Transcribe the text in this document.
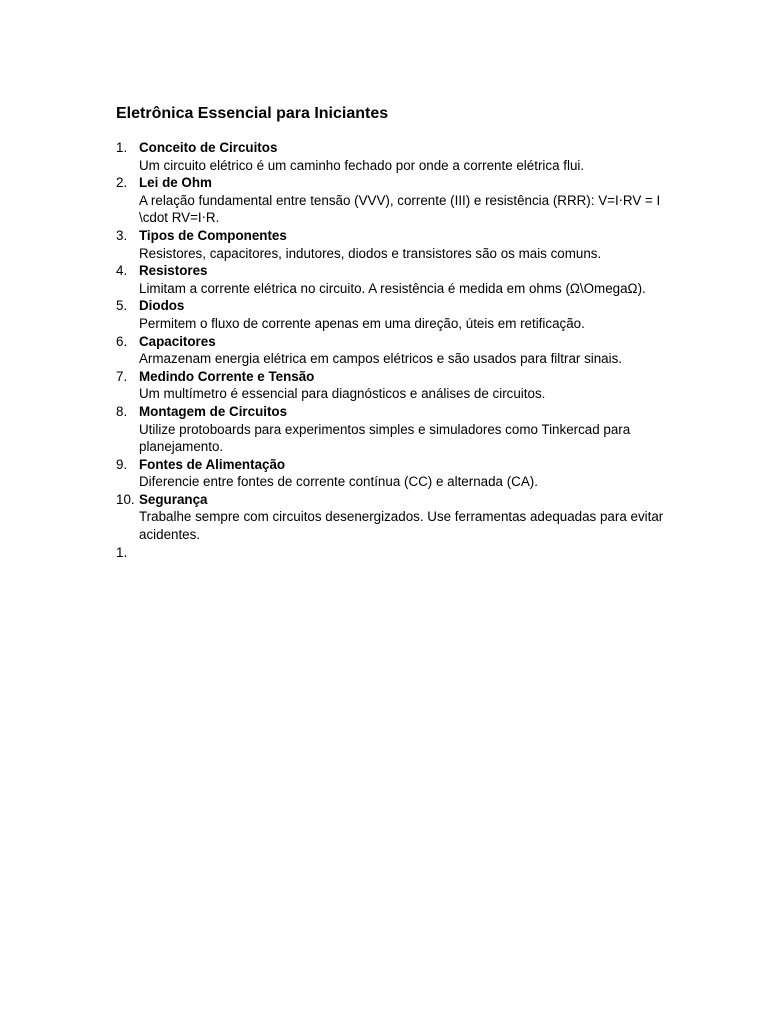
Eletrônica Essencial para Iniciantes
1. Conceito de Circuitos
Um circuito elétrico é um caminho fechado por onde a corrente elétrica flui.
2. Lei de Ohm
A relação fundamental entre tensão (VVV), corrente (III) e resistência (RRR): V=I⋅RV = I \cdot RV=I⋅R.
3. Tipos de Componentes
Resistores, capacitores, indutores, diodos e transistores são os mais comuns.
4. Resistores
Limitam a corrente elétrica no circuito. A resistência é medida em ohms (Ω\OmegaΩ).
5. Diodos
Permitem o fluxo de corrente apenas em uma direção, úteis em retificação.
6. Capacitores
Armazenam energia elétrica em campos elétricos e são usados para filtrar sinais.
7. Medindo Corrente e Tensão
Um multímetro é essencial para diagnósticos e análises de circuitos.
8. Montagem de Circuitos
Utilize protoboards para experimentos simples e simuladores como Tinkercad para planejamento.
9. Fontes de Alimentação
Diferencie entre fontes de corrente contínua (CC) e alternada (CA).
10. Segurança
Trabalhe sempre com circuitos desenergizados. Use ferramentas adequadas para evitar acidentes.
1.
